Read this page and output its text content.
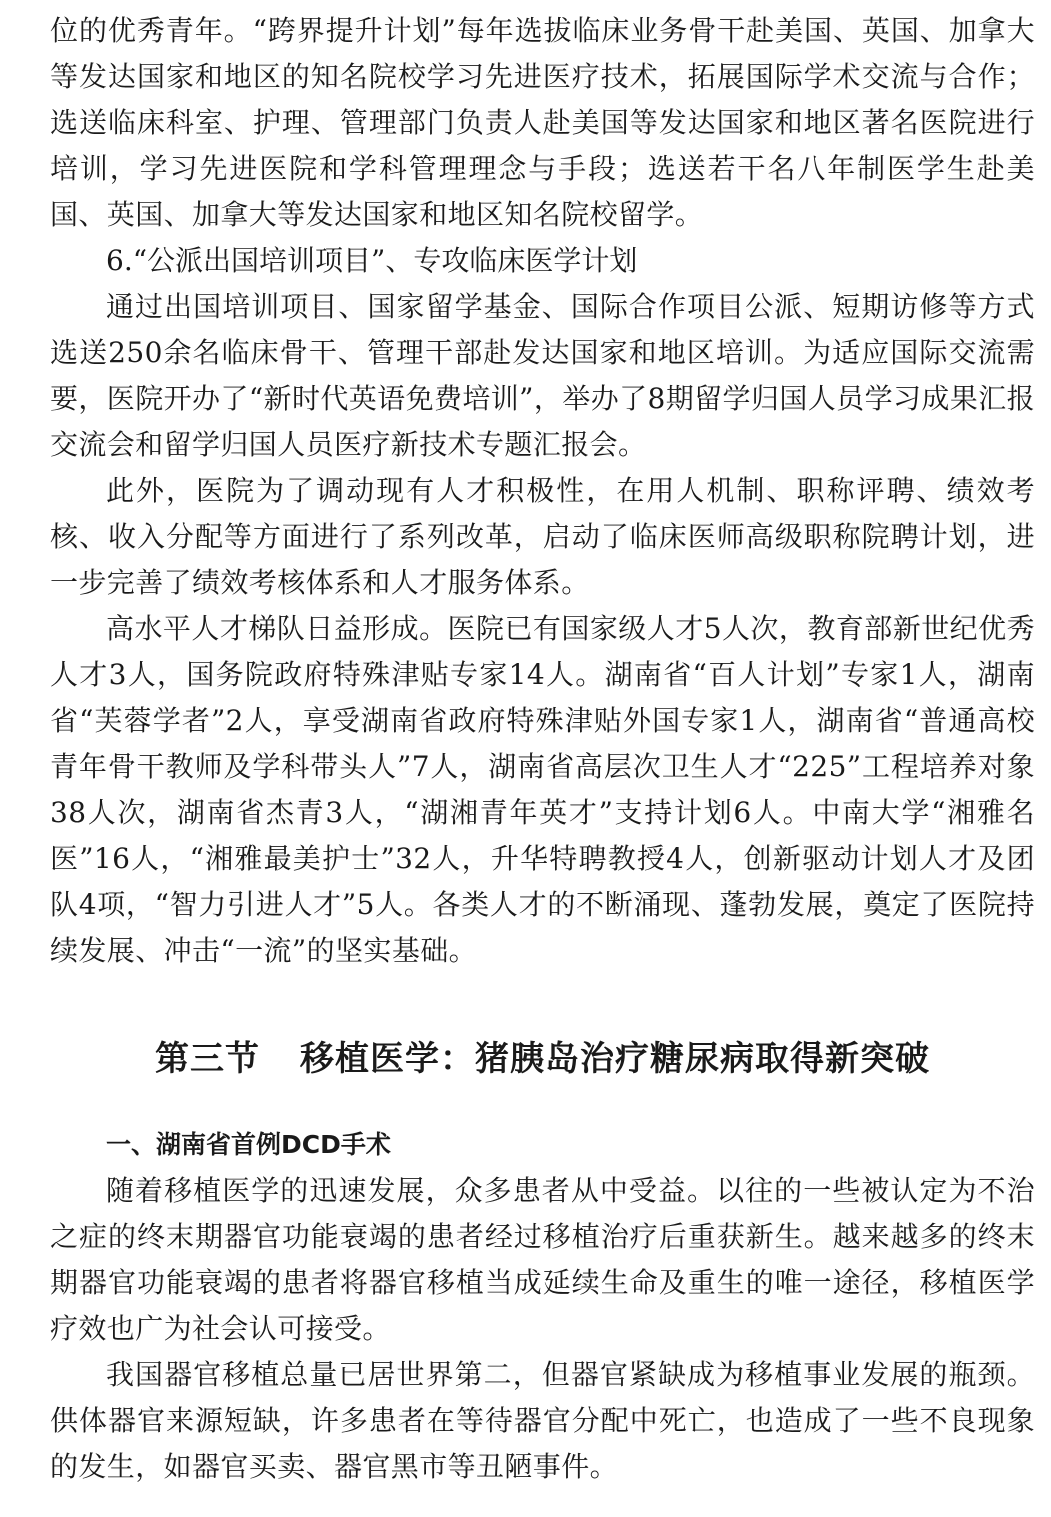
位的优秀青年。“跨界提升计划”每年选拔临床业务骨干赴美国、英国、加拿大等发达国家和地区的知名院校学习先进医疗技术，拓展国际学术交流与合作；选送临床科室、护理、管理部门负责人赴美国等发达国家和地区著名医院进行培训，学习先进医院和学科管理理念与手段；选送若干名八年制医学生赴美国、英国、加拿大等发达国家和地区知名院校留学。

6.“公派出国培训项目”、专攻临床医学计划

通过出国培训项目、国家留学基金、国际合作项目公派、短期访修等方式选送250余名临床骨干、管理干部赴发达国家和地区培训。为适应国际交流需要，医院开办了“新时代英语免费培训”，举办了8期留学归国人员学习成果汇报交流会和留学归国人员医疗新技术专题汇报会。

此外，医院为了调动现有人才积极性，在用人机制、职称评聘、绩效考核、收入分配等方面进行了系列改革，启动了临床医师高级职称院聘计划，进一步完善了绩效考核体系和人才服务体系。

高水平人才梯队日益形成。医院已有国家级人才5人次，教育部新世纪优秀人才3人，国务院政府特殊津贴专家14人。湖南省“百人计划”专家1人，湖南省“芙蓉学者”2人，享受湖南省政府特殊津贴外国专家1人，湖南省“普通高校青年骨干教师及学科带头人”7人，湖南省高层次卫生人才“225”工程培养对象38人次，湖南省杰青3人，“湖湘青年英才”支持计划6人。中南大学“湘雅名医”16人，“湘雅最美护士”32人，升华特聘教授4人，创新驱动计划人才及团队4项，“智力引进人才”5人。各类人才的不断涌现、蓬勃发展，奠定了医院持续发展、冲击“一流”的坚实基础。

第三节 移植医学：猪胰岛治疗糖尿病取得新突破
一、湖南省首例DCD手术

随着移植医学的迅速发展，众多患者从中受益。以往的一些被认定为不治之症的终末期器官功能衰竭的患者经过移植治疗后重获新生。越来越多的终末期器官功能衰竭的患者将器官移植当成延续生命及重生的唯一途径，移植医学疗效也广为社会认可接受。

我国器官移植总量已居世界第二，但器官紧缺成为移植事业发展的瓶颈。供体器官来源短缺，许多患者在等待器官分配中死亡，也造成了一些不良现象的发生，如器官买卖、器官黑市等丑陋事件。
